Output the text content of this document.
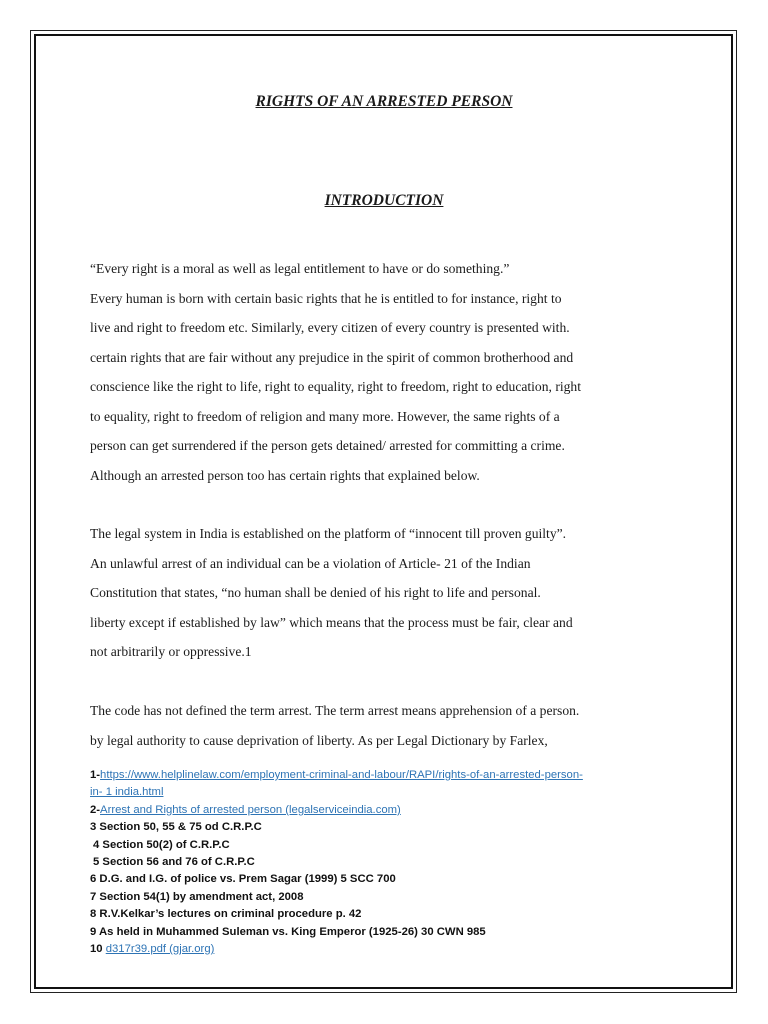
RIGHTS OF AN ARRESTED PERSON
INTRODUCTION

“Every right is a moral as well as legal entitlement to have or do something.”
Every human is born with certain basic rights that he is entitled to for instance, right to
live and right to freedom etc. Similarly, every citizen of every country is presented with.
certain rights that are fair without any prejudice in the spirit of common brotherhood and
conscience like the right to life, right to equality, right to freedom, right to education, right
to equality, right to freedom of religion and many more. However, the same rights of a
person can get surrendered if the person gets detained/ arrested for committing a crime.
Although an arrested person too has certain rights that explained below.

The legal system in India is established on the platform of “innocent till proven guilty”.
An unlawful arrest of an individual can be a violation of Article- 21 of the Indian
Constitution that states, “no human shall be denied of his right to life and personal.
liberty except if established by law” which means that the process must be fair, clear and
not arbitrarily or oppressive.1

The code has not defined the term arrest. The term arrest means apprehension of a person.
by legal authority to cause deprivation of liberty. As per Legal Dictionary by Farlex,

1-https://www.helplinelaw.com/employment-criminal-and-labour/RAPI/rights-of-an-arrested-person-
in- 1 india.html
2-Arrest and Rights of arrested person (legalserviceindia.com)
3 Section 50, 55 & 75 od C.R.P.C
4 Section 50(2) of C.R.P.C
5 Section 56 and 76 of C.R.P.C
6 D.G. and I.G. of police vs. Prem Sagar (1999) 5 SCC 700
7 Section 54(1) by amendment act, 2008
8 R.V.Kelkar’s lectures on criminal procedure p. 42
9 As held in Muhammed Suleman vs. King Emperor (1925-26) 30 CWN 985
10 d317r39.pdf (gjar.org)
